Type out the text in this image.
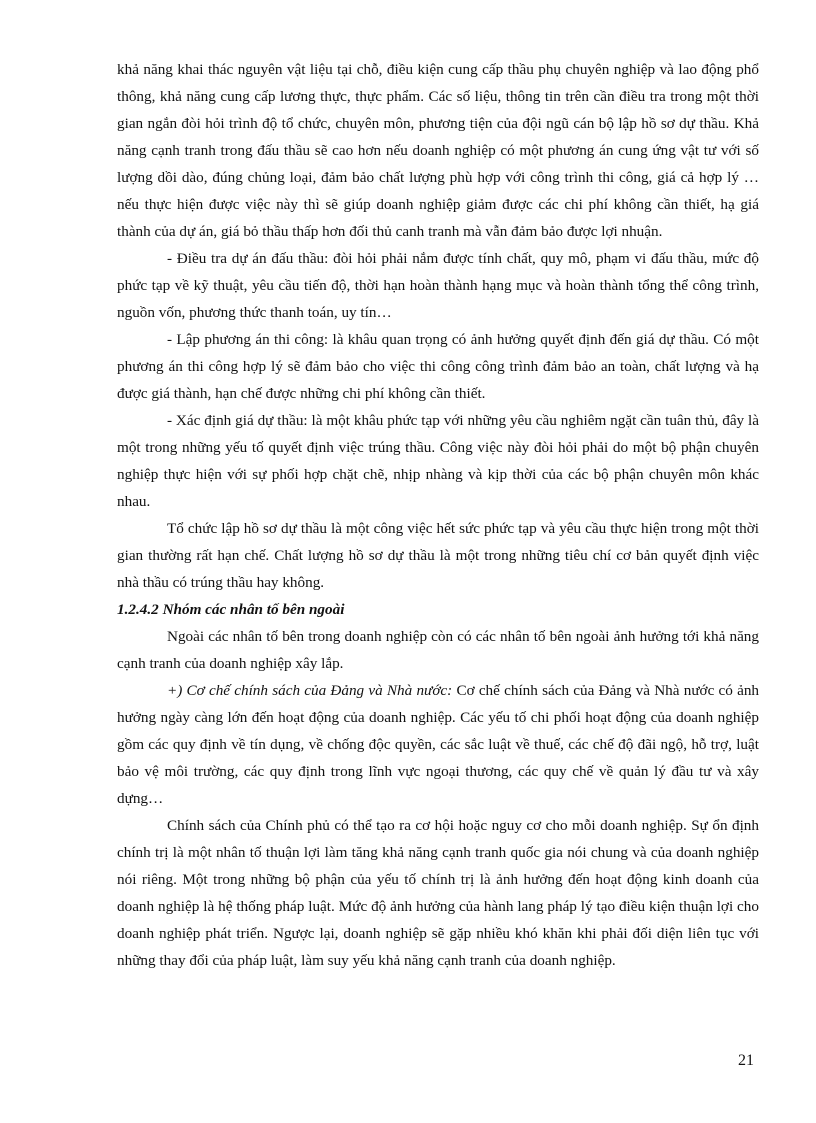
khả năng khai thác nguyên vật liệu tại chỗ, điều kiện cung cấp thầu phụ chuyên nghiệp và lao động phổ thông, khả năng cung cấp lương thực, thực phẩm. Các số liệu, thông tin trên cần điều tra trong một thời gian ngắn đòi hỏi trình độ tổ chức, chuyên môn, phương tiện của đội ngũ cán bộ lập hồ sơ dự thầu. Khả năng cạnh tranh trong đấu thầu sẽ cao hơn nếu doanh nghiệp có một phương án cung ứng vật tư với số lượng dồi dào, đúng chủng loại, đảm bảo chất lượng phù hợp với công trình thi công, giá cả hợp lý … nếu thực hiện được việc này thì sẽ giúp doanh nghiệp giảm được các chi phí không cần thiết, hạ giá thành của dự án, giá bỏ thầu thấp hơn đối thủ canh tranh mà vẫn đảm bảo được lợi nhuận.

- Điều tra dự án đấu thầu: đòi hỏi phải nắm được tính chất, quy mô, phạm vi đấu thầu, mức độ phức tạp về kỹ thuật, yêu cầu tiến độ, thời hạn hoàn thành hạng mục và hoàn thành tổng thể công trình, nguồn vốn, phương thức thanh toán, uy tín…

- Lập phương án thi công: là khâu quan trọng có ảnh hưởng quyết định đến giá dự thầu. Có một phương án thi công hợp lý sẽ đảm bảo cho việc thi công công trình đảm bảo an toàn, chất lượng và hạ được giá thành, hạn chế được những chi phí không cần thiết.

- Xác định giá dự thầu: là một khâu phức tạp với những yêu cầu nghiêm ngặt cần tuân thủ, đây là một trong những yếu tố quyết định việc trúng thầu. Công việc này đòi hỏi phải do một bộ phận chuyên nghiệp thực hiện với sự phối hợp chặt chẽ, nhịp nhàng và kịp thời của các bộ phận chuyên môn khác nhau.

Tổ chức lập hồ sơ dự thầu là một công việc hết sức phức tạp và yêu cầu thực hiện trong một thời gian thường rất hạn chế. Chất lượng hồ sơ dự thầu là một trong những tiêu chí cơ bản quyết định việc nhà thầu có trúng thầu hay không.

1.2.4.2 Nhóm các nhân tố bên ngoài

Ngoài các nhân tố bên trong doanh nghiệp còn có các nhân tố bên ngoài ảnh hưởng tới khả năng cạnh tranh của doanh nghiệp xây lắp.

+) Cơ chế chính sách của Đảng và Nhà nước: Cơ chế chính sách của Đảng và Nhà nước có ảnh hưởng ngày càng lớn đến hoạt động của doanh nghiệp. Các yếu tố chi phối hoạt động của doanh nghiệp gồm các quy định về tín dụng, về chống độc quyền, các sắc luật về thuế, các chế độ đãi ngộ, hỗ trợ, luật bảo vệ môi trường, các quy định trong lĩnh vực ngoại thương, các quy chế về quản lý đầu tư và xây dựng…

Chính sách của Chính phủ có thể tạo ra cơ hội hoặc nguy cơ cho mỗi doanh nghiệp. Sự ổn định chính trị là một nhân tố thuận lợi làm tăng khả năng cạnh tranh quốc gia nói chung và của doanh nghiệp nói riêng. Một trong những bộ phận của yếu tố chính trị là ảnh hưởng đến hoạt động kinh doanh của doanh nghiệp là hệ thống pháp luật. Mức độ ảnh hưởng của hành lang pháp lý tạo điều kiện thuận lợi cho doanh nghiệp phát triển. Ngược lại, doanh nghiệp sẽ gặp nhiều khó khăn khi phải đối diện liên tục với những thay đổi của pháp luật, làm suy yếu khả năng cạnh tranh của doanh nghiệp.

21
